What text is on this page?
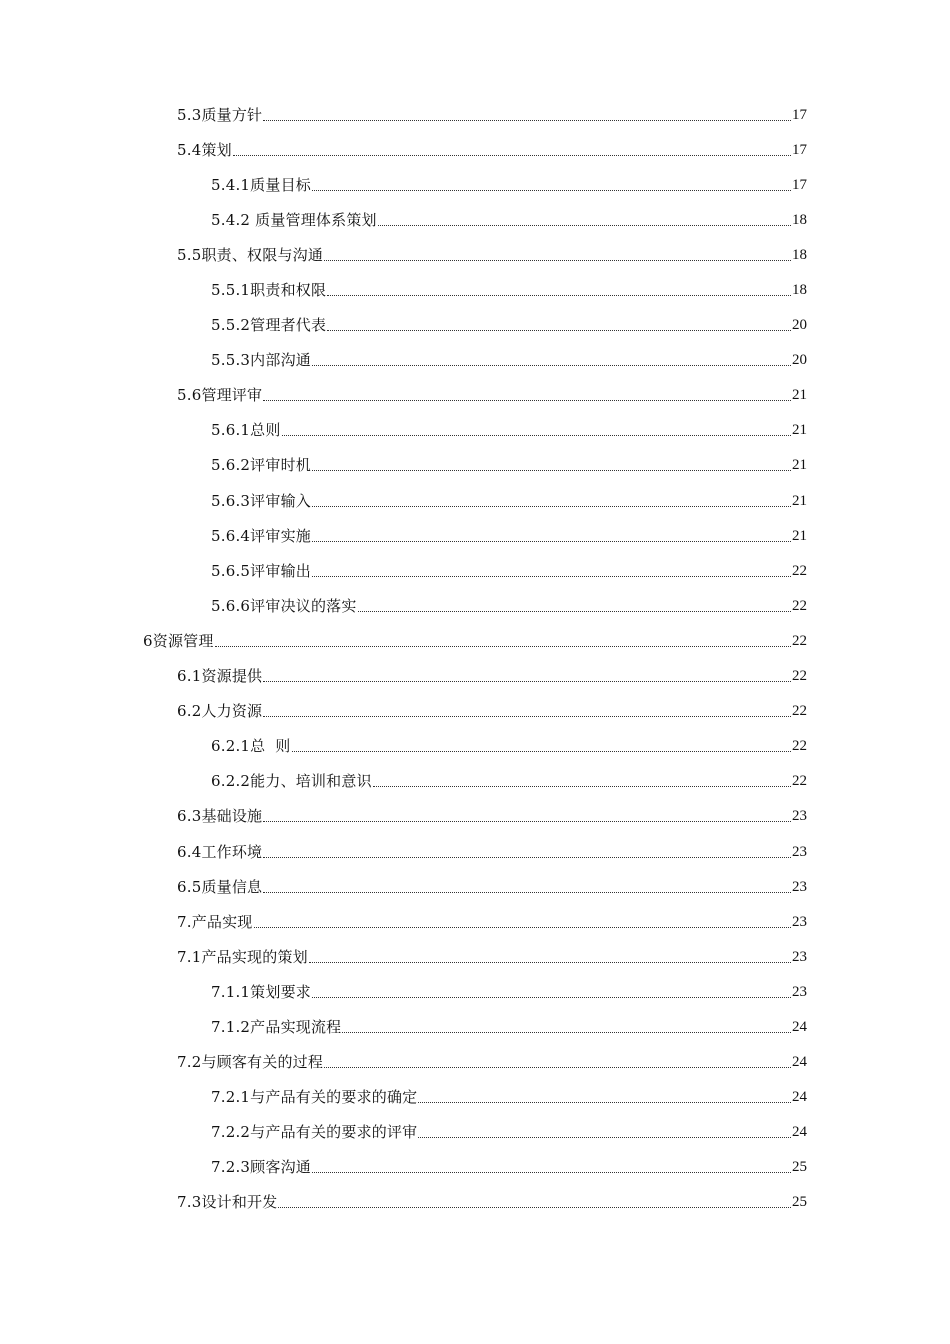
5.3质量方针	17
5.4策划	17
5.4.1质量目标	17
5.4.2 质量管理体系策划	18
5.5职责、权限与沟通	18
5.5.1职责和权限	18
5.5.2管理者代表	20
5.5.3内部沟通	20
5.6管理评审	21
5.6.1总则	21
5.6.2评审时机	21
5.6.3评审输入	21
5.6.4评审实施	21
5.6.5评审输出	22
5.6.6评审决议的落实	22
6资源管理	22
6.1资源提供	22
6.2人力资源	22
6.2.1总  则	22
6.2.2能力、培训和意识	22
6.3基础设施	23
6.4工作环境	23
6.5质量信息	23
7.产品实现	23
7.1产品实现的策划	23
7.1.1策划要求	23
7.1.2产品实现流程	24
7.2与顾客有关的过程	24
7.2.1与产品有关的要求的确定	24
7.2.2与产品有关的要求的评审	24
7.2.3顾客沟通	25
7.3设计和开发	25
